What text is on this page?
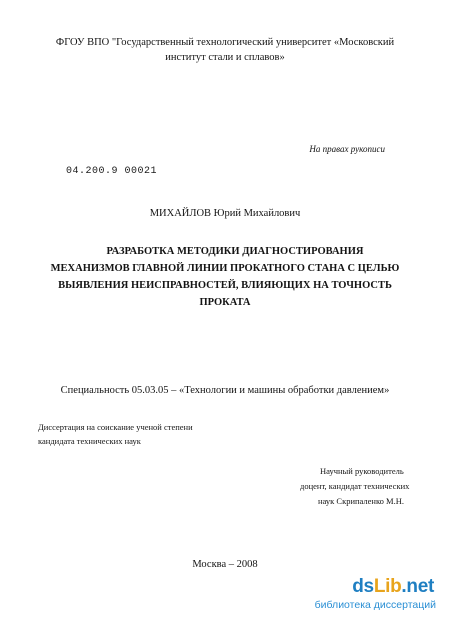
ФГОУ ВПО "Государственный технологический университет «Московский
институт стали и сплавов»
На правах рукописи
04.200.9 00021
МИХАЙЛОВ Юрий Михайлович
РАЗРАБОТКА МЕТОДИКИ ДИАГНОСТИРОВАНИЯ
МЕХАНИЗМОВ ГЛАВНОЙ ЛИНИИ ПРОКАТНОГО СТАНА С ЦЕЛЬЮ
ВЫЯВЛЕНИЯ НЕИСПРАВНОСТЕЙ, ВЛИЯЮЩИХ НА ТОЧНОСТЬ
ПРОКАТА
Специальность 05.03.05 – «Технологии и машины обработки давлением»
Диссертация на соискание ученой степени
кандидата технических наук
Научный руководитель
доцент, кандидат технических
наук Скрипаленко М.Н.
Москва – 2008
dsLib.net
библиотека диссертаций
